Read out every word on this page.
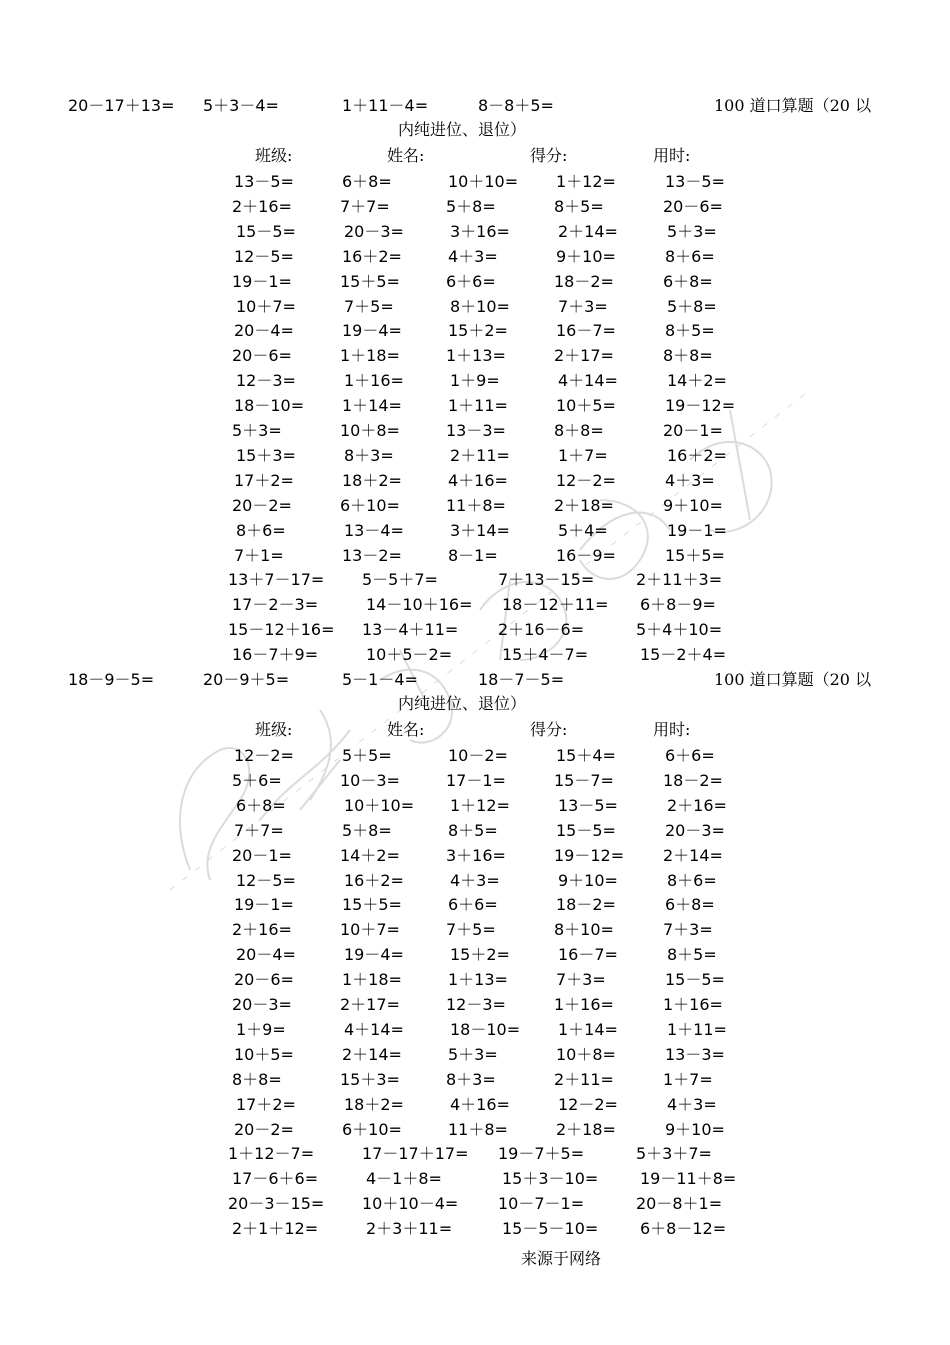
20－17＋13= 5＋3－4=	1＋11－4=	8－8＋5=	100 道口算题（20 以
内纯进位、退位）
班级:	姓名:	得分:	用时:
13－5=	6＋8=	10＋10= 1＋12=	13－5=
2＋16=	7＋7=	5＋8=	8＋5=	20－6=
15－5=	20－3=	3＋16=	2＋14=	5＋3=
12－5=	16＋2=	4＋3=	9＋10=	8＋6=
19－1=	15＋5=	6＋6=	18－2=	6＋8=
10＋7=	7＋5=	8＋10=	7＋3=	5＋8=
20－4=	19－4=	15＋2=	16－7=	8＋5=
20－6=	1＋18=	1＋13=	2＋17=	8＋8=
12－3=	1＋16=	1＋9=	4＋14=	14＋2=
18－10= 1＋14=	1＋11=	10＋5=	19－12=
5＋3=	10＋8=	13－3=	8＋8=	20－1=
15＋3=	8＋3=	2＋11=	1＋7=	16＋2=
17＋2=	18＋2=	4＋16=	12－2=	4＋3=
20－2=	6＋10=	11＋8=	2＋18=	9＋10=
8＋6=	13－4=	3＋14=	5＋4=	19－1=
7＋1=	13－2=	8－1=	16－9=	15＋5=
13＋7－17= 5－5＋7=	7＋13－15=	2＋11＋3=
17－2－3=	14－10＋16= 18－12＋11= 6＋8－9=
15－12＋16= 13－4＋11= 2＋16－6=	5＋4＋10=
16－7＋9=	10＋5－2=	15＋4－7=	15－2＋4=
18－9－5=	20－9＋5=	5－1－4=	18－7－5=	100 道口算题（20 以
内纯进位、退位）
班级:	姓名:	得分:	用时:
12－2=	5＋5=	10－2=	15＋4=	6＋6=
5＋6=	10－3=	17－1=	15－7=	18－2=
6＋8=	10＋10= 1＋12=	13－5=	2＋16=
7＋7=	5＋8=	8＋5=	15－5=	20－3=
20－1=	14＋2=	3＋16=	19－12= 2＋14=
12－5=	16＋2=	4＋3=	9＋10=	8＋6=
19－1=	15＋5=	6＋6=	18－2=	6＋8=
2＋16=	10＋7=	7＋5=	8＋10=	7＋3=
20－4=	19－4=	15＋2=	16－7=	8＋5=
20－6=	1＋18=	1＋13=	7＋3=	15－5=
20－3=	2＋17=	12－3=	1＋16=	1＋16=
1＋9=	4＋14=	18－10= 1＋14=	1＋11=
10＋5=	2＋14=	5＋3=	10＋8=	13－3=
8＋8=	15＋3=	8＋3=	2＋11=	1＋7=
17＋2=	18＋2=	4＋16=	12－2=	4＋3=
20－2=	6＋10=	11＋8=	2＋18=	9＋10=
1＋12－7=	17－17＋17= 19－7＋5=	5＋3＋7=
17－6＋6=	4－1＋8=	15＋3－10=	19－11＋8=
20－3－15= 10＋10－4= 10－7－1=	20－8＋1=
2＋1＋12=	2＋3＋11=	15－5－10=	6＋8－12=
来源于网络
